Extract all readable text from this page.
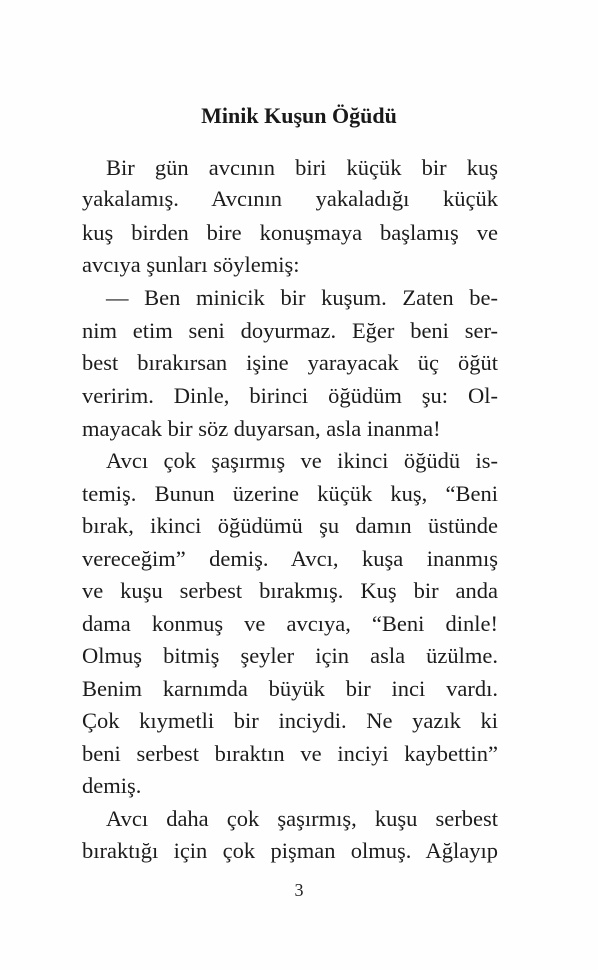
Minik Kuşun Öğüdü
Bir gün avcının biri küçük bir kuş
yakalamış. Avcının yakaladığı küçük
kuş birden bire konuşmaya başlamış ve
avcıya şunları söylemiş:
— Ben minicik bir kuşum. Zaten be-
nim etim seni doyurmaz. Eğer beni ser-
best bırakırsan işine yarayacak üç öğüt
veririm. Dinle, birinci öğüdüm şu: Ol-
mayacak bir söz duyarsan, asla inanma!
Avcı çok şaşırmış ve ikinci öğüdü is-
temiş. Bunun üzerine küçük kuş, “Beni
bırak, ikinci öğüdümü şu damın üstünde
vereceğim” demiş. Avcı, kuşa inanmış
ve kuşu serbest bırakmış. Kuş bir anda
dama konmuş ve avcıya, “Beni dinle!
Olmuş bitmiş şeyler için asla üzülme.
Benim karnımda büyük bir inci vardı.
Çok kıymetli bir inciydi. Ne yazık ki
beni serbest bıraktın ve inciyi kaybettin”
demiş.
Avcı daha çok şaşırmış, kuşu serbest
bıraktığı için çok pişman olmuş. Ağlayıp
3
